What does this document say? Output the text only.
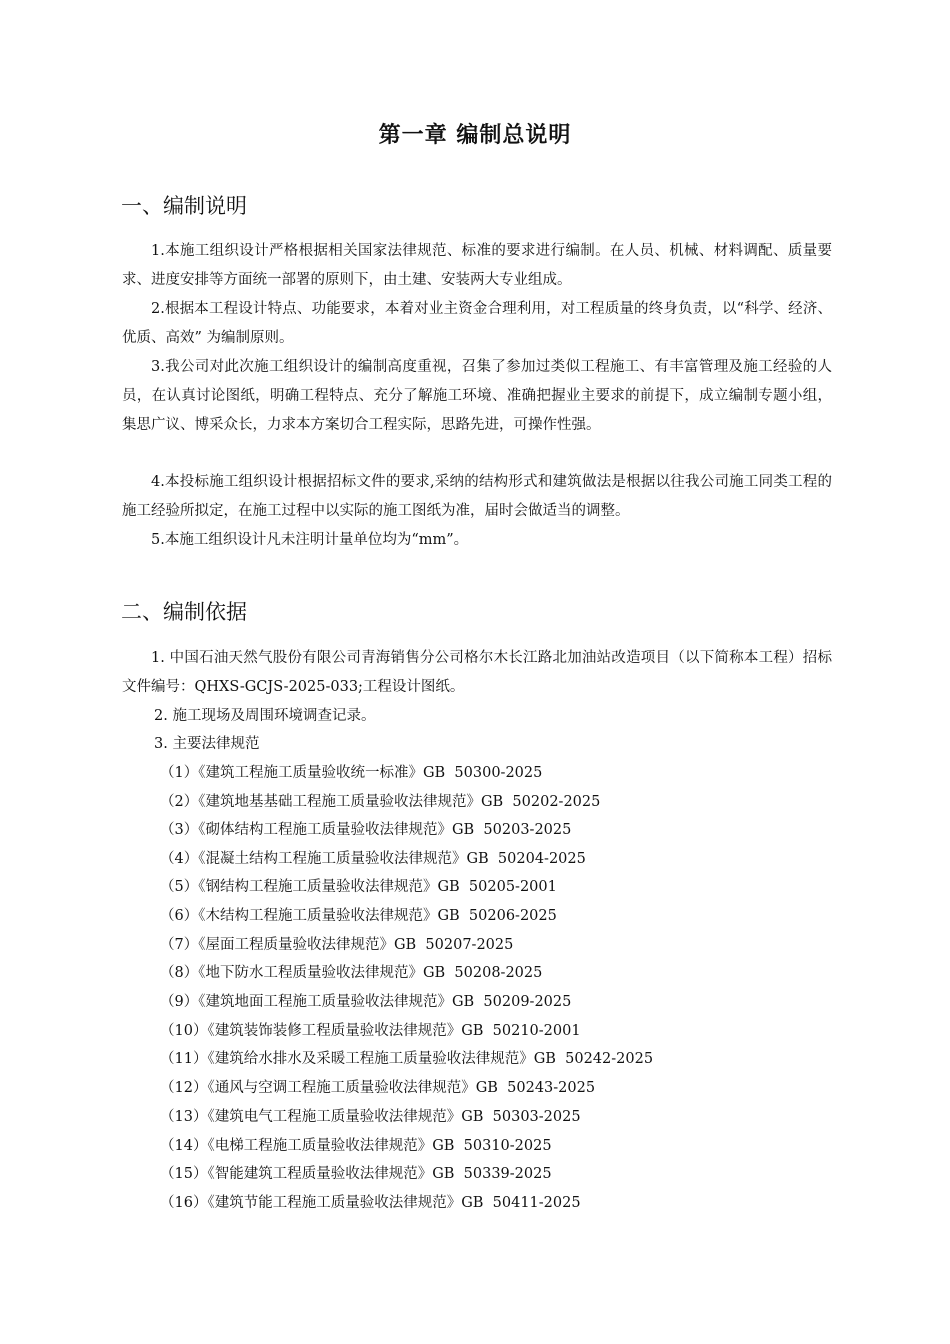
第一章 编制总说明
一、编制说明

1.本施工组织设计严格根据相关国家法律规范、标准的要求进行编制。在人员、机械、材料调配、质量要求、进度安排等方面统一部署的原则下，由土建、安装两大专业组成。

2.根据本工程设计特点、功能要求，本着对业主资金合理利用，对工程质量的终身负责，以“科学、经济、优质、高效” 为编制原则。

3.我公司对此次施工组织设计的编制高度重视，召集了参加过类似工程施工、有丰富管理及施工经验的人员，在认真讨论图纸，明确工程特点、充分了解施工环境、准确把握业主要求的前提下，成立编制专题小组，集思广议、博采众长，力求本方案切合工程实际，思路先进，可操作性强。

4.本投标施工组织设计根据招标文件的要求,采纳的结构形式和建筑做法是根据以往我公司施工同类工程的施工经验所拟定，在施工过程中以实际的施工图纸为准，届时会做适当的调整。

5.本施工组织设计凡未注明计量单位均为“mm”。

二、编制依据

1. 中国石油天然气股份有限公司青海销售分公司格尔木长江路北加油站改造项目（以下简称本工程）招标文件编号：QHXS-GCJS-2025-033;工程设计图纸。

2. 施工现场及周围环境调查记录。
3. 主要法律规范
（1）《建筑工程施工质量验收统一标准》GB  50300-2025
（2）《建筑地基基础工程施工质量验收法律规范》GB  50202-2025
（3）《砌体结构工程施工质量验收法律规范》GB  50203-2025
（4）《混凝土结构工程施工质量验收法律规范》GB  50204-2025
（5）《钢结构工程施工质量验收法律规范》GB  50205-2001
（6）《木结构工程施工质量验收法律规范》GB  50206-2025
（7）《屋面工程质量验收法律规范》GB  50207-2025
（8）《地下防水工程质量验收法律规范》GB  50208-2025
（9）《建筑地面工程施工质量验收法律规范》GB  50209-2025
（10）《建筑装饰装修工程质量验收法律规范》GB  50210-2001
（11）《建筑给水排水及采暖工程施工质量验收法律规范》GB  50242-2025
（12）《通风与空调工程施工质量验收法律规范》GB  50243-2025
（13）《建筑电气工程施工质量验收法律规范》GB  50303-2025
（14）《电梯工程施工质量验收法律规范》GB  50310-2025
（15）《智能建筑工程质量验收法律规范》GB  50339-2025
（16）《建筑节能工程施工质量验收法律规范》GB  50411-2025
